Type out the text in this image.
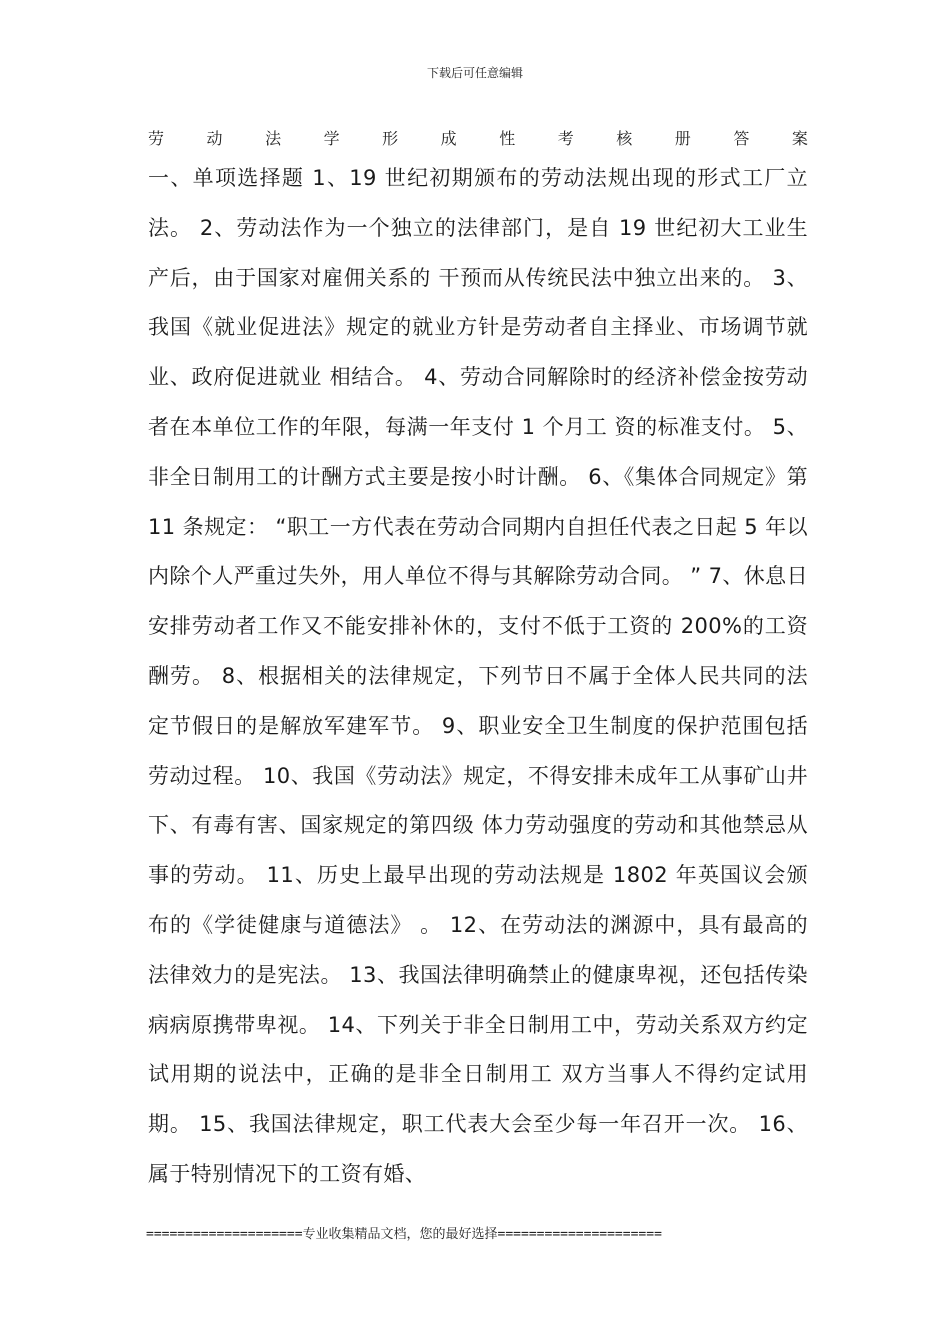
下载后可任意编辑
劳	动	法	学	形	成	性	考	核	册	答	案
一、单项选择题 1、19 世纪初期颁布的劳动法规出现的形式工厂立法。 2、劳动法作为一个独立的法律部门，是自 19 世纪初大工业生产后，由于国家对雇佣关系的 干预而从传统民法中独立出来的。 3、我国《就业促进法》规定的就业方针是劳动者自主择业、市场调节就业、政府促进就业 相结合。 4、劳动合同解除时的经济补偿金按劳动者在本单位工作的年限，每满一年支付 1 个月工 资的标准支付。 5、非全日制用工的计酬方式主要是按小时计酬。 6、《集体合同规定》第 11 条规定： “职工一方代表在劳动合同期内自担任代表之日起 5 年以 内除个人严重过失外，用人单位不得与其解除劳动合同。 ” 7、休息日安排劳动者工作又不能安排补休的，支付不低于工资的 200%的工资酬劳。 8、根据相关的法律规定，下列节日不属于全体人民共同的法定节假日的是解放军建军节。 9、职业安全卫生制度的保护范围包括劳动过程。 10、我国《劳动法》规定，不得安排未成年工从事矿山井下、有毒有害、国家规定的第四级 体力劳动强度的劳动和其他禁忌从事的劳动。 11、历史上最早出现的劳动法规是 1802 年英国议会颁布的《学徒健康与道德法》 。 12、在劳动法的渊源中，具有最高的法律效力的是宪法。 13、我国法律明确禁止的健康卑视，还包括传染病病原携带卑视。 14、下列关于非全日制用工中，劳动关系双方约定试用期的说法中，正确的是非全日制用工 双方当事人不得约定试用期。 15、我国法律规定，职工代表大会至少每一年召开一次。 16、属于特别情况下的工资有婚、
====================专业收集精品文档，您的最好选择=====================
